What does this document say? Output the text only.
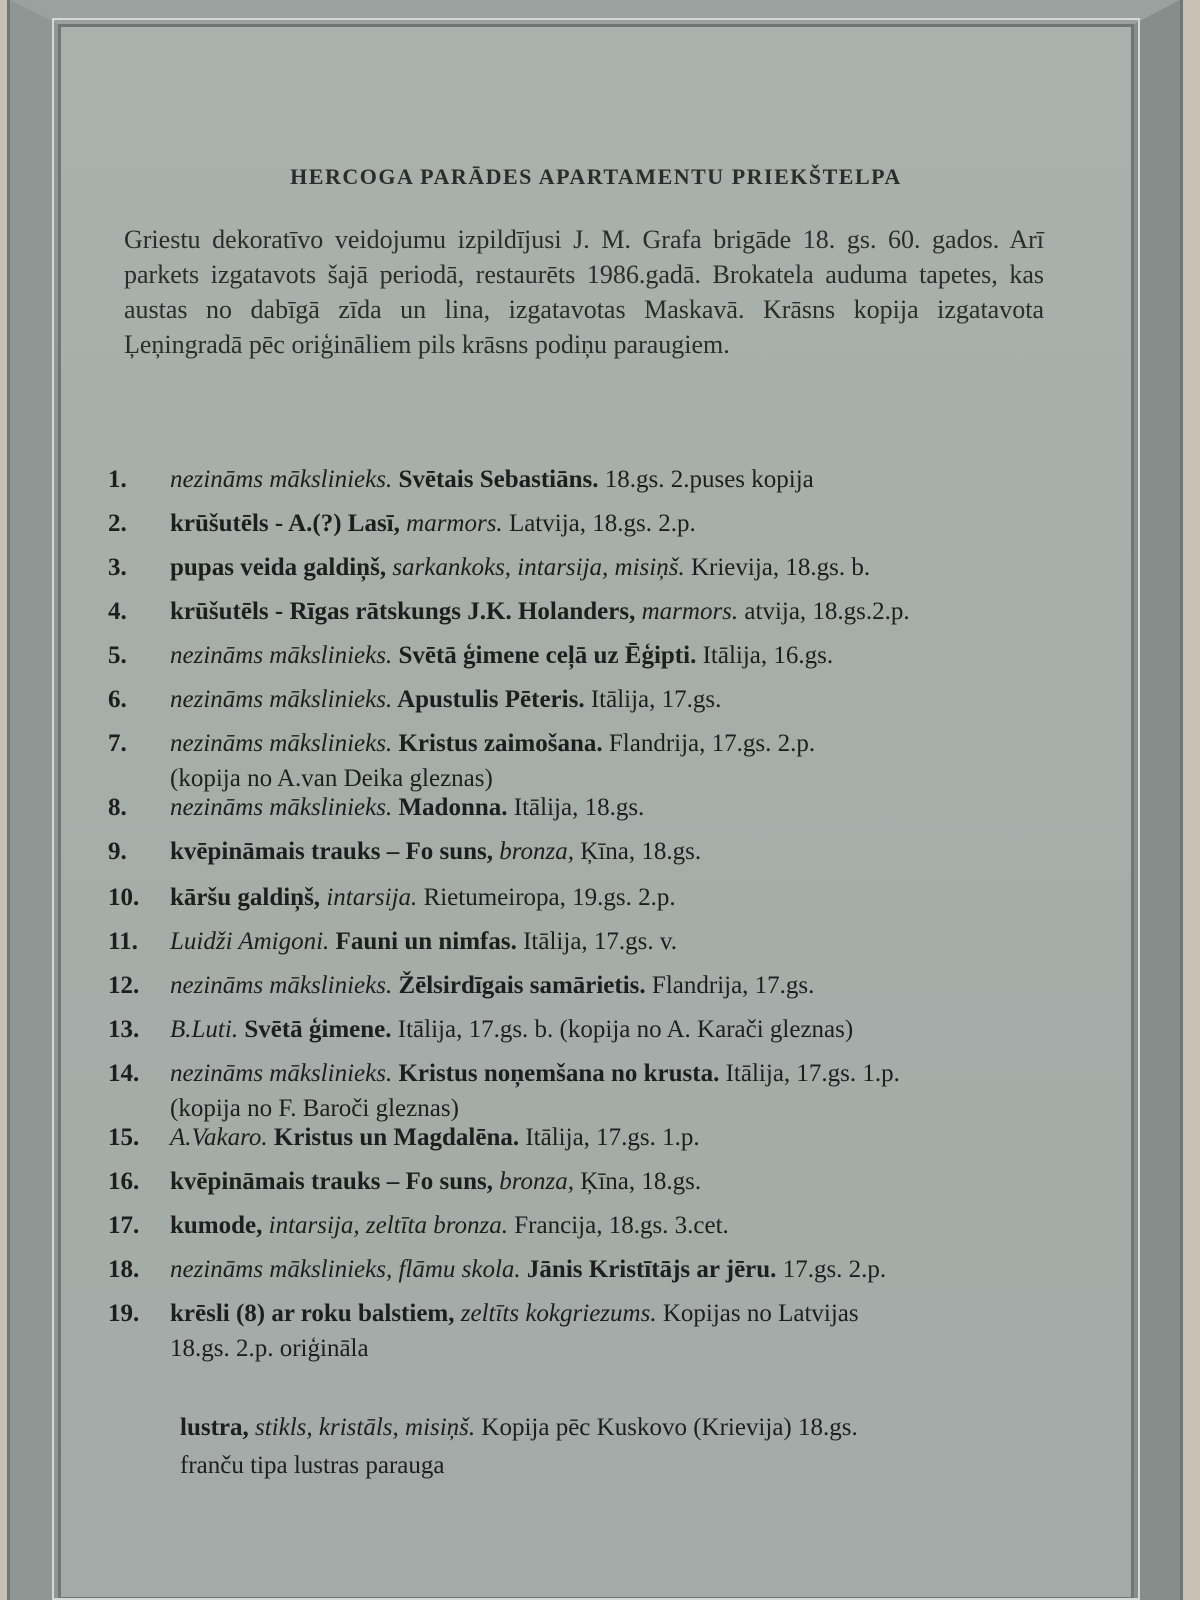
HERCOGA PARĀDES APARTAMENTU PRIEKŠTELPA
Griestu dekoratīvo veidojumu izpildījusi J. M. Grafa brigāde 18. gs. 60. gados. Arī parkets izgatavots šajā periodā, restaurēts 1986.gadā. Brokatela auduma tapetes, kas austas no dabīgā zīda un lina, izgatavotas Maskavā. Krāsns kopija izgatavota Ļeņingradā pēc oriģināliem pils krāsns podiņu paraugiem.
1.	nezināms mākslinieks. Svētais Sebastiāns. 18.gs. 2.puses kopija
2.	krūšutēls - A.(?) Lasī, marmors. Latvija, 18.gs. 2.p.
3.	pupas veida galdiņš, sarkankoks, intarsija, misiņš. Krievija, 18.gs. b.
4.	krūšutēls - Rīgas rātskungs J.K. Holanders, marmors. atvija, 18.gs.2.p.
5.	nezināms mākslinieks. Svētā ģimene ceļā uz Ēģipti. Itālija, 16.gs.
6.	nezināms mākslinieks. Apustulis Pēteris. Itālija, 17.gs.
7.	nezināms mākslinieks. Kristus zaimošana. Flandrija, 17.gs. 2.p.
(kopija no A.van Deika gleznas)
8.	nezināms mākslinieks. Madonna. Itālija, 18.gs.
9.	kvēpināmais trauks – Fo suns, bronza, Ķīna, 18.gs.
10.	kāršu galdiņš, intarsija. Rietumeiropa, 19.gs. 2.p.
11.	Luidži Amigoni. Fauni un nimfas. Itālija, 17.gs. v.
12.	nezināms mākslinieks. Žēlsirdīgais samārietis. Flandrija, 17.gs.
13.	B.Luti. Svētā ģimene. Itālija, 17.gs. b. (kopija no A. Karači gleznas)
14.	nezināms mākslinieks. Kristus noņemšana no krusta. Itālija, 17.gs. 1.p.
(kopija no F. Baroči gleznas)
15.	A.Vakaro. Kristus un Magdalēna. Itālija, 17.gs. 1.p.
16.	kvēpināmais trauks – Fo suns, bronza, Ķīna, 18.gs.
17.	kumode, intarsija, zeltīta bronza. Francija, 18.gs. 3.cet.
18.	nezināms mākslinieks, flāmu skola. Jānis Kristītājs ar jēru. 17.gs. 2.p.
19.	krēsli (8) ar roku balstiem, zeltīts kokgriezums. Kopijas no Latvijas
18.gs. 2.p. oriģināla
lustra, stikls, kristāls, misiņš. Kopija pēc Kuskovo (Krievija) 18.gs.
franču tipa lustras parauga
